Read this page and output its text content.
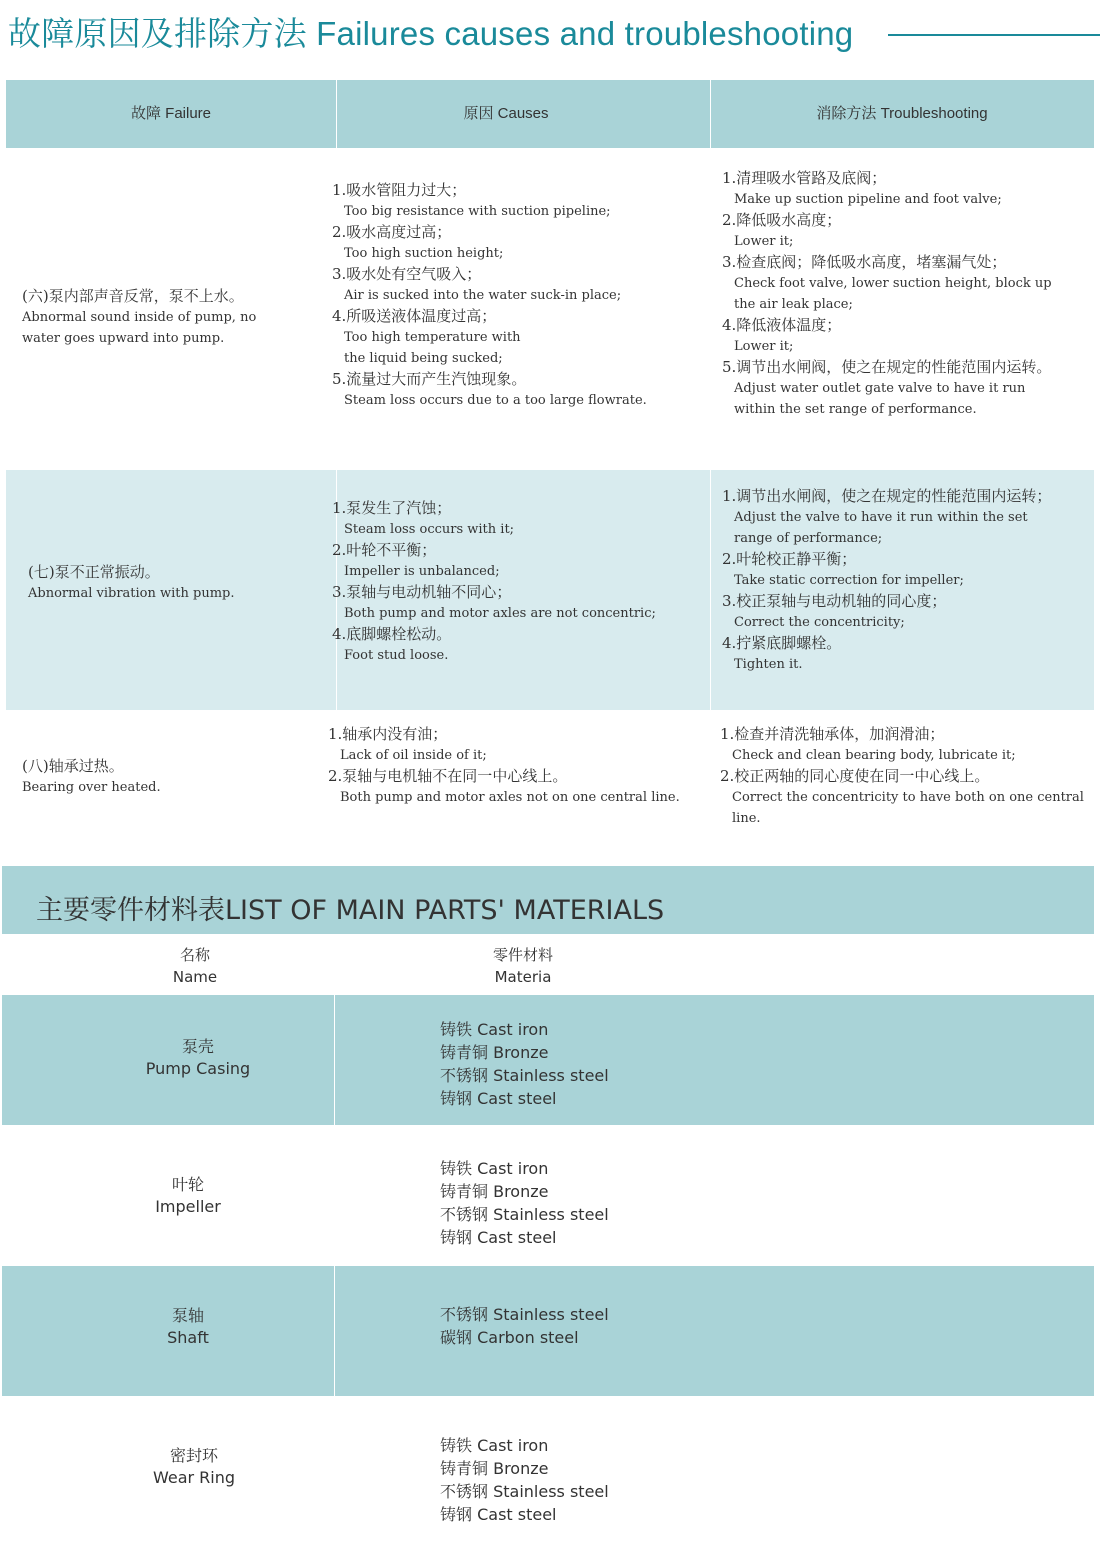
故障原因及排除方法 Failures causes and troubleshooting
故障 Failure	原因 Causes	消除方法 Troubleshooting
(六)泵内部声音反常，泵不上水。
Abnormal sound inside of pump, no water goes upward into pump.
1.吸水管阻力过大；
Too big resistance with suction pipeline;
2.吸水高度过高；
Too high suction height;
3.吸水处有空气吸入；
Air is sucked into the water suck-in place;
4.所吸送液体温度过高；
Too high temperature with the liquid being sucked;
5.流量过大而产生汽蚀现象。
Steam loss occurs due to a too large flowrate.
1.清理吸水管路及底阀；
Make up suction pipeline and foot valve;
2.降低吸水高度；
Lower it;
3.检查底阀；降低吸水高度，堵塞漏气处；
Check foot valve, lower suction height, block up the air leak place;
4.降低液体温度；
Lower it;
5.调节出水闸阀，使之在规定的性能范围内运转。
Adjust water outlet gate valve to have it run within the set range of performance.
(七)泵不正常振动。
Abnormal vibration with pump.
1.泵发生了汽蚀；
Steam loss occurs with it;
2.叶轮不平衡；
Impeller is unbalanced;
3.泵轴与电动机轴不同心；
Both pump and motor axles are not concentric;
4.底脚螺栓松动。
Foot stud loose.
1.调节出水闸阀，使之在规定的性能范围内运转；
Adjust the valve to have it run within the set range of performance;
2.叶轮校正静平衡；
Take static correction for impeller;
3.校正泵轴与电动机轴的同心度；
Correct the concentricity;
4.拧紧底脚螺栓。
Tighten it.
(八)轴承过热。
Bearing over heated.
1.轴承内没有油；
Lack of oil inside of it;
2.泵轴与电机轴不在同一中心线上。
Both pump and motor axles not on one central line.
1.检查并清洗轴承体，加润滑油；
Check and clean bearing body, lubricate it;
2.校正两轴的同心度使在同一中心线上。
Correct the concentricity to have both on one central line.
主要零件材料表LIST OF MAIN PARTS' MATERIALS
名称
Name
零件材料
Materia
泵壳
Pump Casing
铸铁 Cast iron
铸青铜 Bronze
不锈钢 Stainless steel
铸钢 Cast steel
叶轮
Impeller
铸铁 Cast iron
铸青铜 Bronze
不锈钢 Stainless steel
铸钢 Cast steel
泵轴
Shaft
不锈钢 Stainless steel
碳钢 Carbon steel
密封环
Wear Ring
铸铁 Cast iron
铸青铜 Bronze
不锈钢 Stainless steel
铸钢 Cast steel
